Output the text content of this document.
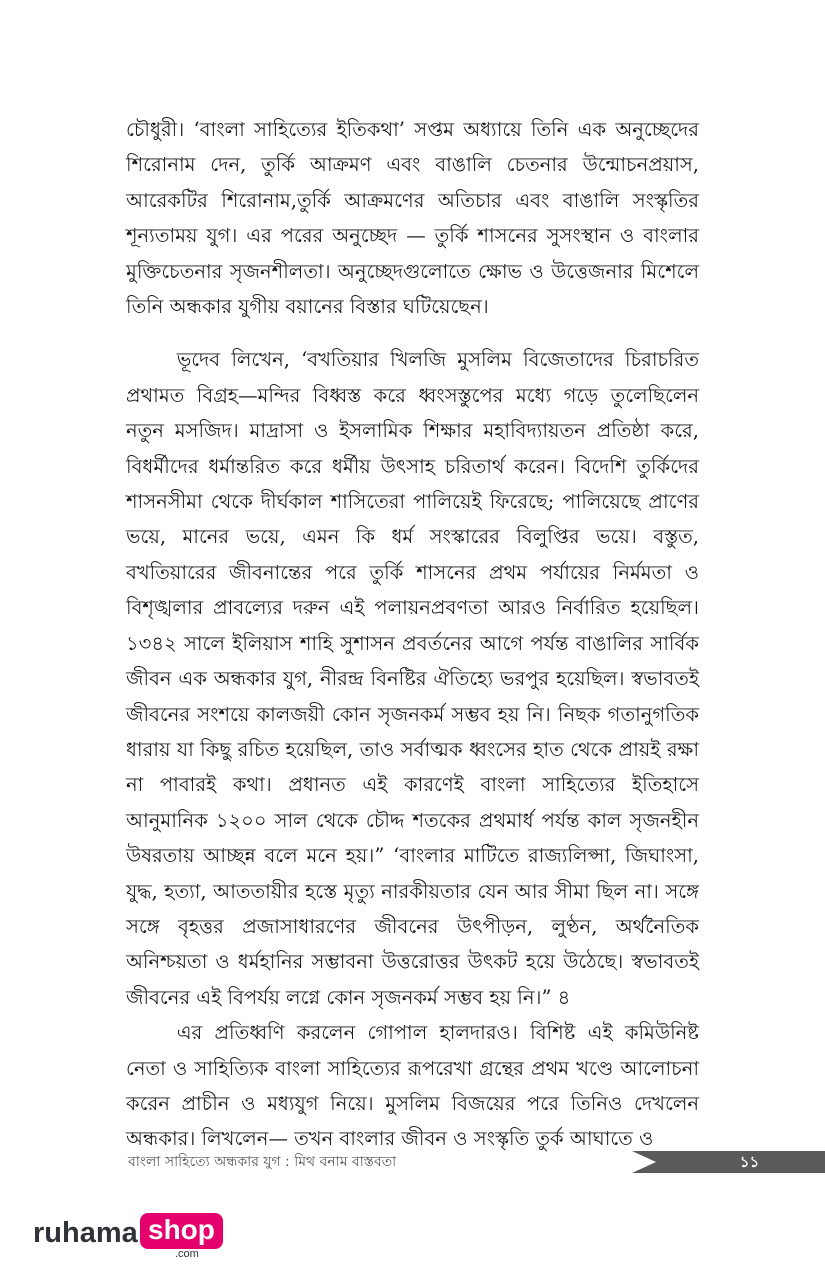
চৌধুরী। ‘বাংলা সাহিত্যের ইতিকথা’ সপ্তম অধ্যায়ে তিনি এক অনুচ্ছেদের শিরোনাম দেন, তুর্কি আক্রমণ এবং বাঙালি চেতনার উন্মোচনপ্রয়াস, আরেকটির শিরোনাম,তুর্কি আক্রমণের অতিচার এবং বাঙালি সংস্কৃতির শূন্যতাময় যুগ। এর পরের অনুচ্ছেদ — তুর্কি শাসনের সুসংস্থান ও বাংলার মুক্তিচেতনার সৃজনশীলতা। অনুচ্ছেদগুলোতে ক্ষোভ ও উত্তেজনার মিশেলে তিনি অন্ধকার যুগীয় বয়ানের বিস্তার ঘটিয়েছেন।

ভূদেব লিখেন, ‘বখতিয়ার খিলজি মুসলিম বিজেতাদের চিরাচরিত প্রথামত বিগ্রহ—মন্দির বিধ্বস্ত করে ধ্বংসস্তুপের মধ্যে গড়ে তুলেছিলেন নতুন মসজিদ। মাদ্রাসা ও ইসলামিক শিক্ষার মহাবিদ্যায়তন প্রতিষ্ঠা করে, বিধর্মীদের ধর্মান্তরিত করে ধর্মীয় উৎসাহ চরিতার্থ করেন। বিদেশি তুর্কিদের শাসনসীমা থেকে দীর্ঘকাল শাসিতেরা পালিয়েই ফিরেছে; পালিয়েছে প্রাণের ভয়ে, মানের ভয়ে, এমন কি ধর্ম সংস্কারের বিলুপ্তির ভয়ে। বস্তুত, বখতিয়ারের জীবনান্তের পরে তুর্কি শাসনের প্রথম পর্যায়ের নির্মমতা ও বিশৃঙ্খলার প্রাবল্যের দরুন এই পলায়নপ্রবণতা আরও নির্বারিত হয়েছিল। ১৩৪২ সালে ইলিয়াস শাহি সুশাসন প্রবর্তনের আগে পর্যন্ত বাঙালির সার্বিক জীবন এক অন্ধকার যুগ, নীরন্দ্র বিনষ্টির ঐতিহ্যে ভরপুর হয়েছিল। স্বভাবতই জীবনের সংশয়ে কালজয়ী কোন সৃজনকর্ম সম্ভব হয় নি। নিছক গতানুগতিক ধারায় যা কিছু রচিত হয়েছিল, তাও সর্বাত্মক ধ্বংসের হাত থেকে প্রায়ই রক্ষা না পাবারই কথা। প্রধানত এই কারণেই বাংলা সাহিত্যের ইতিহাসে আনুমানিক ১২০০ সাল থেকে চৌদ্দ শতকের প্রথমার্ধ পর্যন্ত কাল সৃজনহীন উষরতায় আচ্ছন্ন বলে মনে হয়।” ‘বাংলার মাটিতে রাজ্যলিপ্সা, জিঘাংসা, যুদ্ধ, হত্যা, আততায়ীর হস্তে মৃত্যু নারকীয়তার যেন আর সীমা ছিল না। সঙ্গে সঙ্গে বৃহত্তর প্রজাসাধারণের জীবনের উৎপীড়ন, লুণ্ঠন, অর্থনৈতিক অনিশ্চয়তা ও ধর্মহানির সম্ভাবনা উত্তরোত্তর উৎকট হয়ে উঠেছে। স্বভাবতই জীবনের এই বিপর্যয় লগ্নে কোন সৃজনকর্ম সম্ভব হয় নি।” ৪

এর প্রতিধ্বণি করলেন গোপাল হালদারও। বিশিষ্ট এই কমিউনিষ্ট নেতা ও সাহিত্যিক বাংলা সাহিত্যের রূপরেখা গ্রন্থের প্রথম খণ্ডে আলোচনা করেন প্রাচীন ও মধ্যযুগ নিয়ে। মুসলিম বিজয়ের পরে তিনিও দেখলেন অন্ধকার। লিখলেন— তখন বাংলার জীবন ও সংস্কৃতি তুর্ক আঘাতে ও

বাংলা সাহিত্যে অন্ধকার যুগ : মিথ বনাম বাস্তবতা	১১
ruhama shop
.com
